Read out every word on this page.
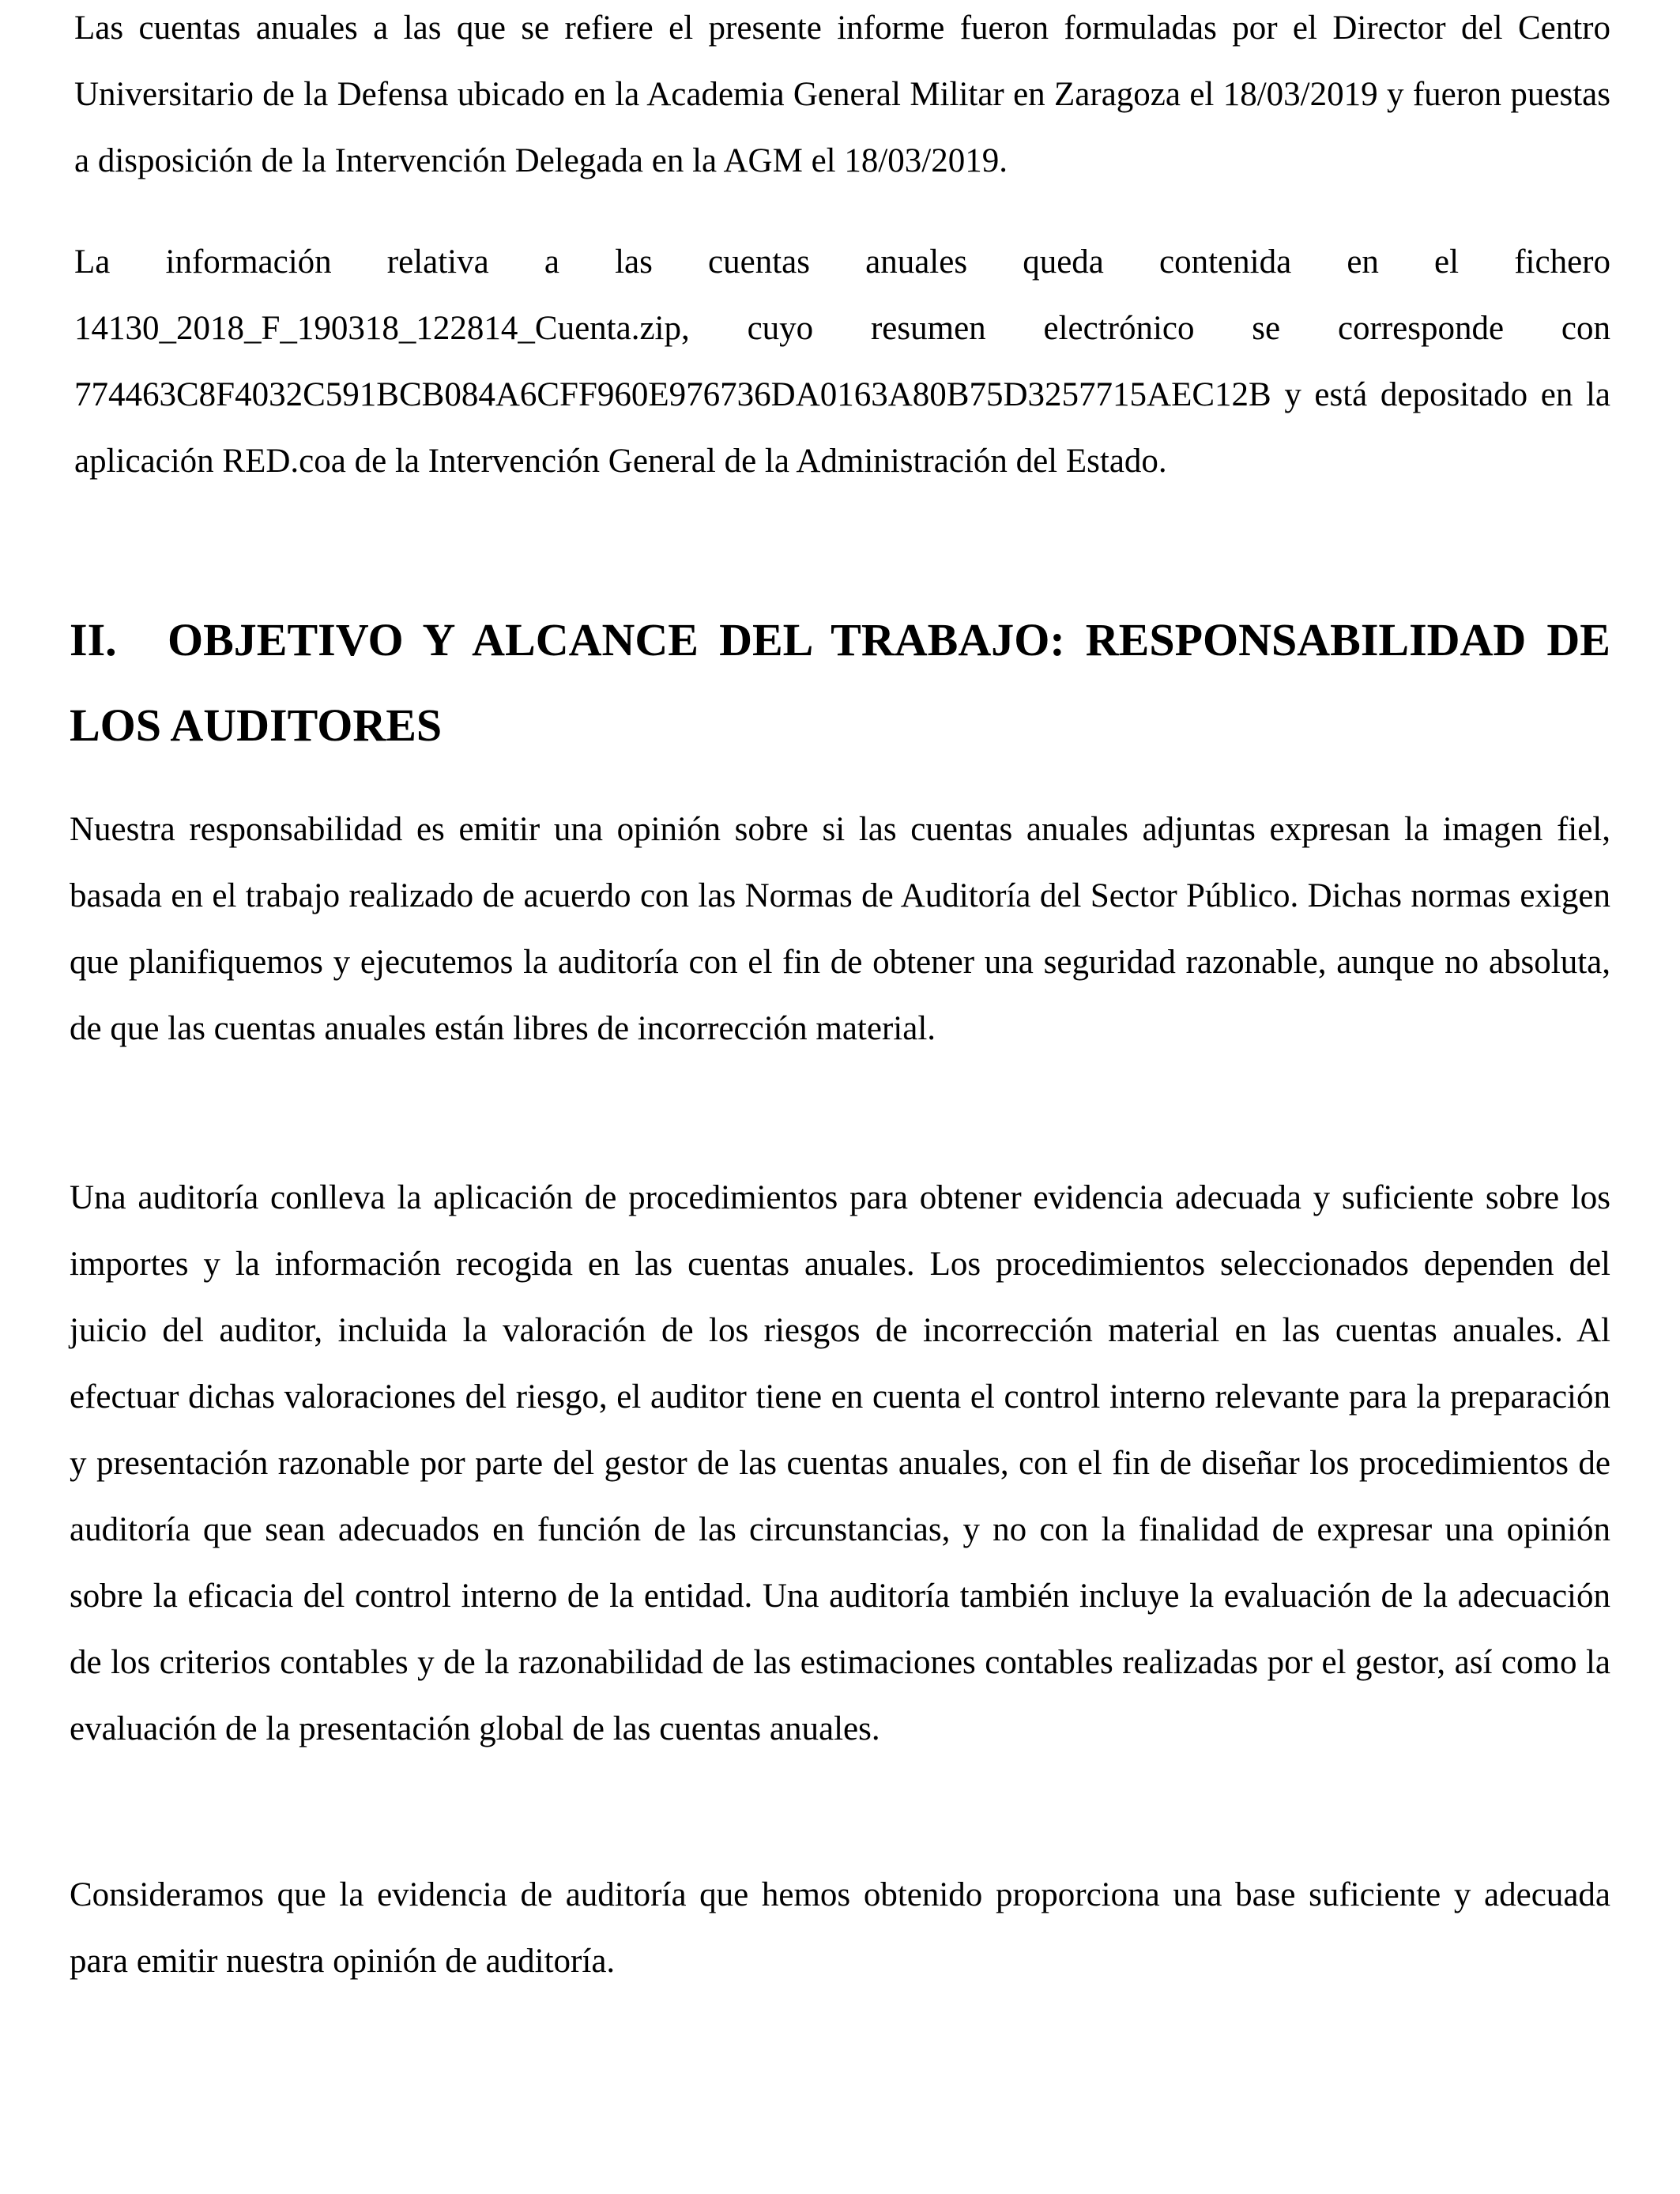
Las cuentas anuales a las que se refiere el presente informe fueron formuladas por el Director del Centro Universitario de la Defensa ubicado en la Academia General Militar en Zaragoza el 18/03/2019 y fueron puestas a disposición de la Intervención Delegada en la AGM el 18/03/2019.

La información relativa a las cuentas anuales queda contenida en el fichero 14130_2018_F_190318_122814_Cuenta.zip, cuyo resumen electrónico se corresponde con 774463C8F4032C591BCB084A6CFF960E976736DA0163A80B75D3257715AEC12B y está depositado en la aplicación RED.coa de la Intervención General de la Administración del Estado.

II. OBJETIVO Y ALCANCE DEL TRABAJO: RESPONSABILIDAD DE LOS AUDITORES

Nuestra responsabilidad es emitir una opinión sobre si las cuentas anuales adjuntas expresan la imagen fiel, basada en el trabajo realizado de acuerdo con las Normas de Auditoría del Sector Público. Dichas normas exigen que planifiquemos y ejecutemos la auditoría con el fin de obtener una seguridad razonable, aunque no absoluta, de que las cuentas anuales están libres de incorrección material.

Una auditoría conlleva la aplicación de procedimientos para obtener evidencia adecuada y suficiente sobre los importes y la información recogida en las cuentas anuales. Los procedimientos seleccionados dependen del juicio del auditor, incluida la valoración de los riesgos de incorrección material en las cuentas anuales. Al efectuar dichas valoraciones del riesgo, el auditor tiene en cuenta el control interno relevante para la preparación y presentación razonable por parte del gestor de las cuentas anuales, con el fin de diseñar los procedimientos de auditoría que sean adecuados en función de las circunstancias, y no con la finalidad de expresar una opinión sobre la eficacia del control interno de la entidad. Una auditoría también incluye la evaluación de la adecuación de los criterios contables y de la razonabilidad de las estimaciones contables realizadas por el gestor, así como la evaluación de la presentación global de las cuentas anuales.

Consideramos que la evidencia de auditoría que hemos obtenido proporciona una base suficiente y adecuada para emitir nuestra opinión de auditoría.
